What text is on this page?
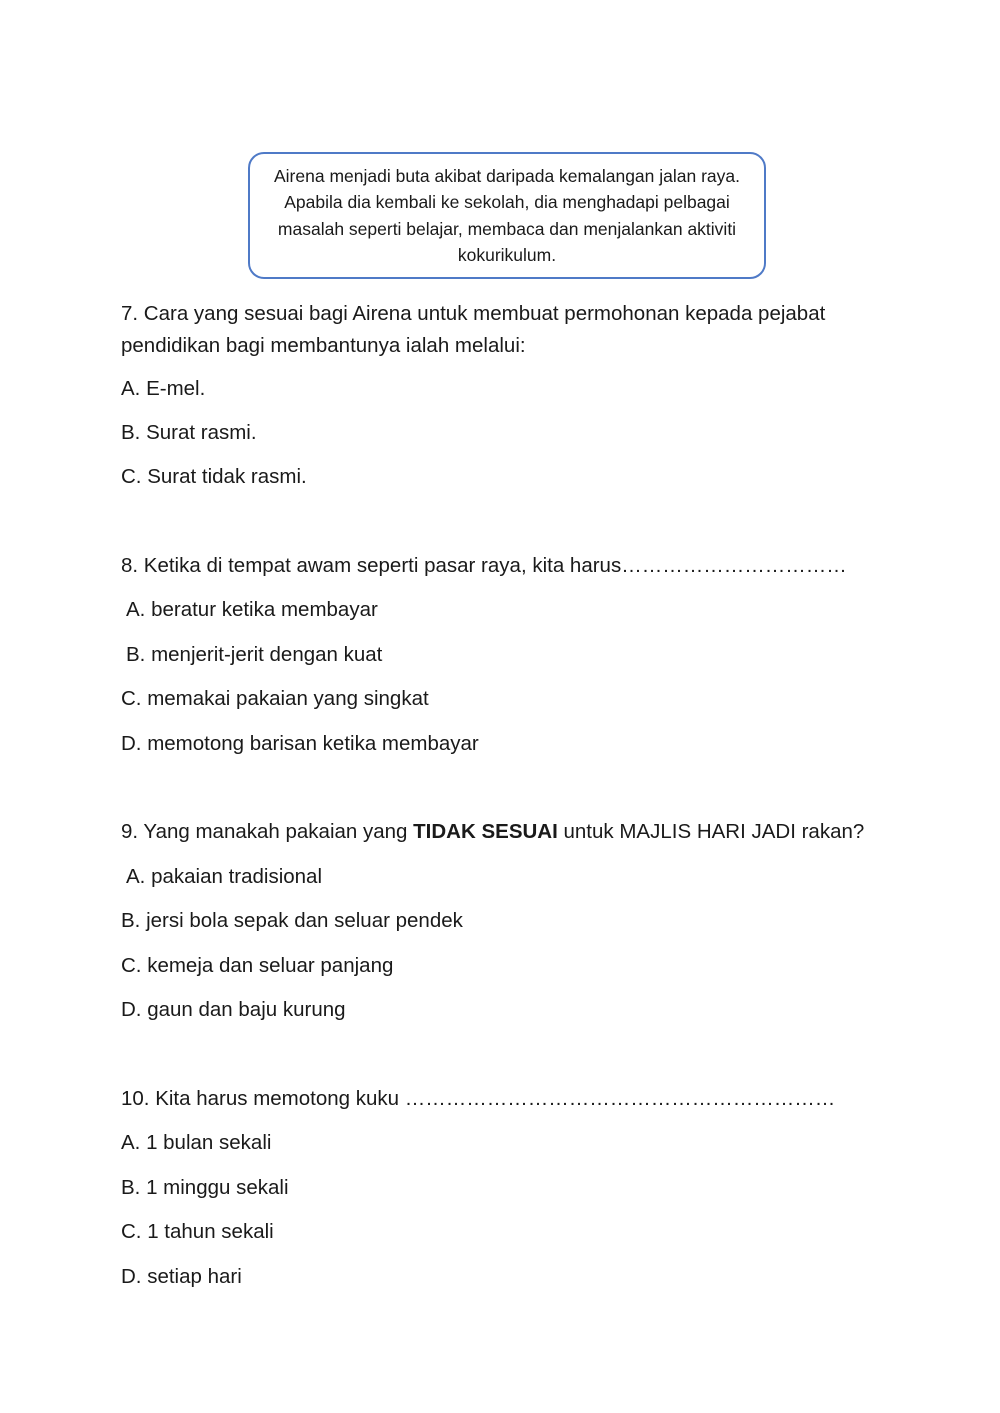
Airena menjadi buta akibat daripada kemalangan jalan raya. Apabila dia kembali ke sekolah, dia menghadapi pelbagai masalah seperti belajar, membaca dan menjalankan aktiviti kokurikulum.

7. Cara yang sesuai bagi Airena untuk membuat permohonan kepada pejabat pendidikan bagi membantunya ialah melalui:

A. E-mel.

B. Surat rasmi.

C. Surat tidak rasmi.

8. Ketika di tempat awam seperti pasar raya, kita harus……………………………

A. beratur ketika membayar

B. menjerit-jerit dengan kuat

C. memakai pakaian yang singkat

D. memotong barisan ketika membayar

9. Yang manakah pakaian yang TIDAK SESUAI untuk MAJLIS HARI JADI rakan?

A. pakaian tradisional

B. jersi bola sepak dan seluar pendek

C. kemeja dan seluar panjang

D. gaun dan baju kurung

10. Kita harus memotong kuku ………………………………………………………

A. 1 bulan sekali

B. 1 minggu sekali

C. 1 tahun sekali

D. setiap hari
